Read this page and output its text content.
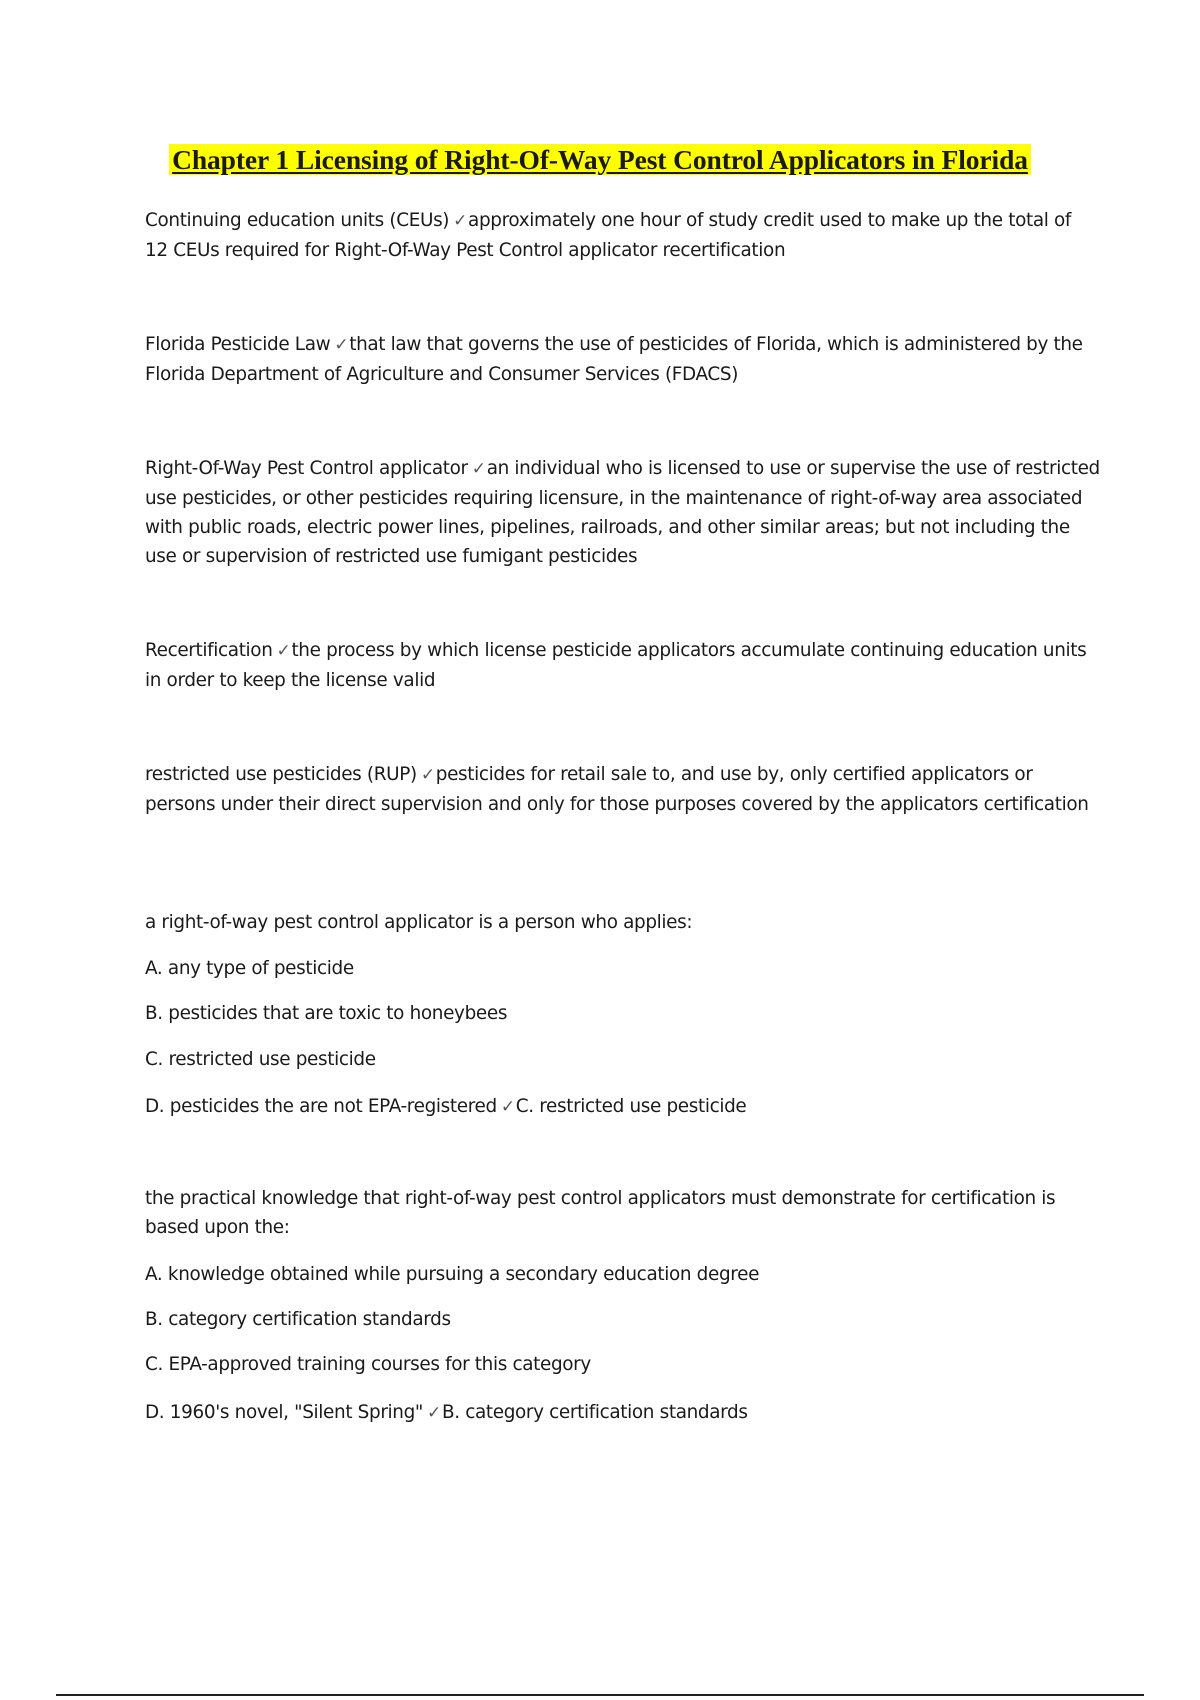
Chapter 1 Licensing of Right-Of-Way Pest Control Applicators in Florida

Continuing education units (CEUs) ✓approximately one hour of study credit used to make up the total of 12 CEUs required for Right-Of-Way Pest Control applicator recertification

Florida Pesticide Law ✓that law that governs the use of pesticides of Florida, which is administered by the Florida Department of Agriculture and Consumer Services (FDACS)

Right-Of-Way Pest Control applicator ✓an individual who is licensed to use or supervise the use of restricted use pesticides, or other pesticides requiring licensure, in the maintenance of right-of-way area associated with public roads, electric power lines, pipelines, railroads, and other similar areas; but not including the use or supervision of restricted use fumigant pesticides

Recertification ✓the process by which license pesticide applicators accumulate continuing education units in order to keep the license valid

restricted use pesticides (RUP) ✓pesticides for retail sale to, and use by, only certified applicators or persons under their direct supervision and only for those purposes covered by the applicators certification

a right-of-way pest control applicator is a person who applies:

A. any type of pesticide

B. pesticides that are toxic to honeybees

C. restricted use pesticide

D. pesticides the are not EPA-registered ✓C. restricted use pesticide

the practical knowledge that right-of-way pest control applicators must demonstrate for certification is based upon the:

A. knowledge obtained while pursuing a secondary education degree

B. category certification standards

C. EPA-approved training courses for this category

D. 1960's novel, "Silent Spring" ✓B. category certification standards
